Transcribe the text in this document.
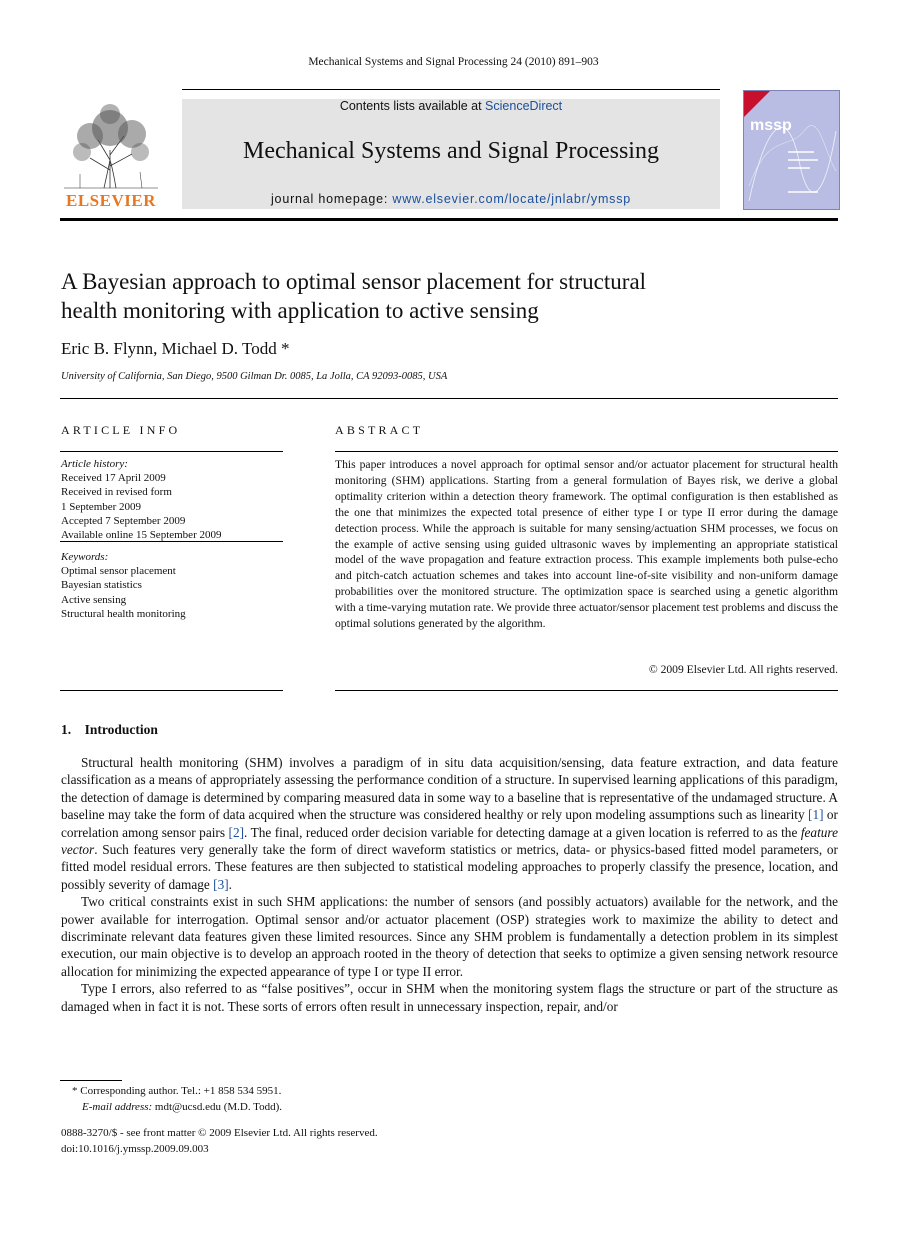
Mechanical Systems and Signal Processing 24 (2010) 891–903
ELSEVIER
Contents lists available at ScienceDirect
Mechanical Systems and Signal Processing
journal homepage: www.elsevier.com/locate/jnlabr/ymssp
mssp
A Bayesian approach to optimal sensor placement for structural
health monitoring with application to active sensing
Eric B. Flynn, Michael D. Todd *
University of California, San Diego, 9500 Gilman Dr. 0085, La Jolla, CA 92093-0085, USA
ARTICLE INFO
Article history:
Received 17 April 2009
Received in revised form
1 September 2009
Accepted 7 September 2009
Available online 15 September 2009
Keywords:
Optimal sensor placement
Bayesian statistics
Active sensing
Structural health monitoring
ABSTRACT
This paper introduces a novel approach for optimal sensor and/or actuator placement for structural health monitoring (SHM) applications. Starting from a general formulation of Bayes risk, we derive a global optimality criterion within a detection theory framework. The optimal configuration is then established as the one that minimizes the expected total presence of either type I or type II error during the damage detection process. While the approach is suitable for many sensing/actuation SHM processes, we focus on the example of active sensing using guided ultrasonic waves by implementing an appropriate statistical model of the wave propagation and feature extraction process. This example implements both pulse-echo and pitch-catch actuation schemes and takes into account line-of-site visibility and non-uniform damage probabilities over the monitored structure. The optimization space is searched using a genetic algorithm with a time-varying mutation rate. We provide three actuator/sensor placement test problems and discuss the optimal solutions generated by the algorithm.
© 2009 Elsevier Ltd. All rights reserved.
1. Introduction

Structural health monitoring (SHM) involves a paradigm of in situ data acquisition/sensing, data feature extraction, and data feature classification as a means of appropriately assessing the performance condition of a structure. In supervised learning applications of this paradigm, the detection of damage is determined by comparing measured data in some way to a baseline that is representative of the undamaged structure. A baseline may take the form of data acquired when the structure was considered healthy or rely upon modeling assumptions such as linearity [1] or correlation among sensor pairs [2]. The final, reduced order decision variable for detecting damage at a given location is referred to as the feature vector. Such features very generally take the form of direct waveform statistics or metrics, data- or physics-based fitted model parameters, or fitted model residual errors. These features are then subjected to statistical modeling approaches to properly classify the presence, location, and possibly severity of damage [3].

Two critical constraints exist in such SHM applications: the number of sensors (and possibly actuators) available for the network, and the power available for interrogation. Optimal sensor and/or actuator placement (OSP) strategies work to maximize the ability to detect and discriminate relevant data features given these limited resources. Since any SHM problem is fundamentally a detection problem in its simplest execution, our main objective is to develop an approach rooted in the theory of detection that seeks to optimize a given sensing network resource allocation for minimizing the expected appearance of type I or type II error.

Type I errors, also referred to as “false positives”, occur in SHM when the monitoring system flags the structure or part of the structure as damaged when in fact it is not. These sorts of errors often result in unnecessary inspection, repair, and/or

* Corresponding author. Tel.: +1 858 534 5951.
E-mail address: mdt@ucsd.edu (M.D. Todd).
0888-3270/$ - see front matter © 2009 Elsevier Ltd. All rights reserved.
doi:10.1016/j.ymssp.2009.09.003
